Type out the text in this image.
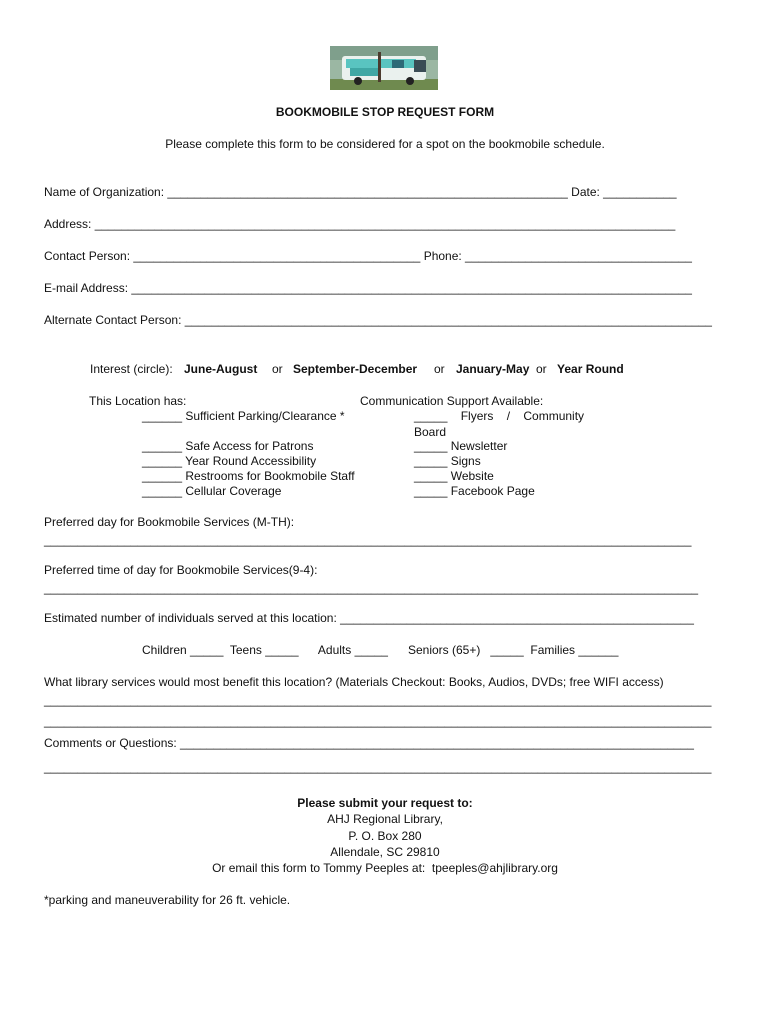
BOOKMOBILE STOP REQUEST FORM
Please complete this form to be considered for a spot on the bookmobile schedule.
Name of Organization: ____________________________________________________________ Date: ___________
Address: _______________________________________________________________________________________
Contact Person: ___________________________________________ Phone: __________________________________
E-mail Address: ____________________________________________________________________________________
Alternate Contact Person: _______________________________________________________________________________
Interest (circle): June-August or September-December or January-May or Year Round
This Location has:
______ Sufficient Parking/Clearance *
______ Safe Access for Patrons
______ Year Round Accessibility
______ Restrooms for Bookmobile Staff
______ Cellular Coverage
Communication Support Available:
_____    Flyers    /    Community
Board
_____ Newsletter
_____ Signs
_____ Website
_____ Facebook Page
Preferred day for Bookmobile Services (M-TH):
_________________________________________________________________________________________________
Preferred time of day for Bookmobile Services(9-4):
__________________________________________________________________________________________________
Estimated number of individuals served at this location: _____________________________________________________
Children _____  Teens _____      Adults _____      Seniors (65+)   _____  Families ______
What library services would most benefit this location? (Materials Checkout: Books, Audios, DVDs; free WIFI access)
____________________________________________________________________________________________________
____________________________________________________________________________________________________
Comments or Questions: _____________________________________________________________________________
____________________________________________________________________________________________________
Please submit your request to:
AHJ Regional Library,
P. O. Box 280
Allendale, SC 29810
Or email this form to Tommy Peeples at:  tpeeples@ahjlibrary.org
*parking and maneuverability for 26 ft. vehicle.
